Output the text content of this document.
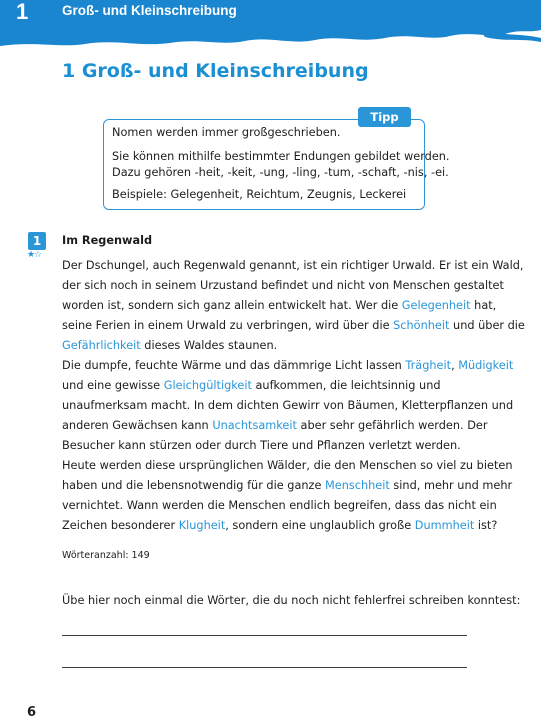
1	Groß- und Kleinschreibung
1 Groß- und Kleinschreibung
Tipp
Nomen werden immer großgeschrieben.
Sie können mithilfe bestimmter Endungen gebildet werden.
Dazu gehören -heit, -keit, -ung, -ling, -tum, -schaft, -nis, -ei.
Beispiele: Gelegenheit, Reichtum, Zeugnis, Leckerei
1
★☆
Im Regenwald
Der Dschungel, auch Regenwald genannt, ist ein richtiger Urwald. Er ist ein Wald,
der sich noch in seinem Urzustand befindet und nicht von Menschen gestaltet
worden ist, sondern sich ganz allein entwickelt hat. Wer die Gelegenheit hat,
seine Ferien in einem Urwald zu verbringen, wird über die Schönheit und über die
Gefährlichkeit dieses Waldes staunen.
Die dumpfe, feuchte Wärme und das dämmrige Licht lassen Trägheit, Müdigkeit
und eine gewisse Gleichgültigkeit aufkommen, die leichtsinnig und
unaufmerksam macht. In dem dichten Gewirr von Bäumen, Kletterpflanzen und
anderen Gewächsen kann Unachtsamkeit aber sehr gefährlich werden. Der
Besucher kann stürzen oder durch Tiere und Pflanzen verletzt werden.
Heute werden diese ursprünglichen Wälder, die den Menschen so viel zu bieten
haben und die lebensnotwendig für die ganze Menschheit sind, mehr und mehr
vernichtet. Wann werden die Menschen endlich begreifen, dass das nicht ein
Zeichen besonderer Klugheit, sondern eine unglaublich große Dummheit ist?
Wörteranzahl: 149
Übe hier noch einmal die Wörter, die du noch nicht fehlerfrei schreiben konntest:
6
